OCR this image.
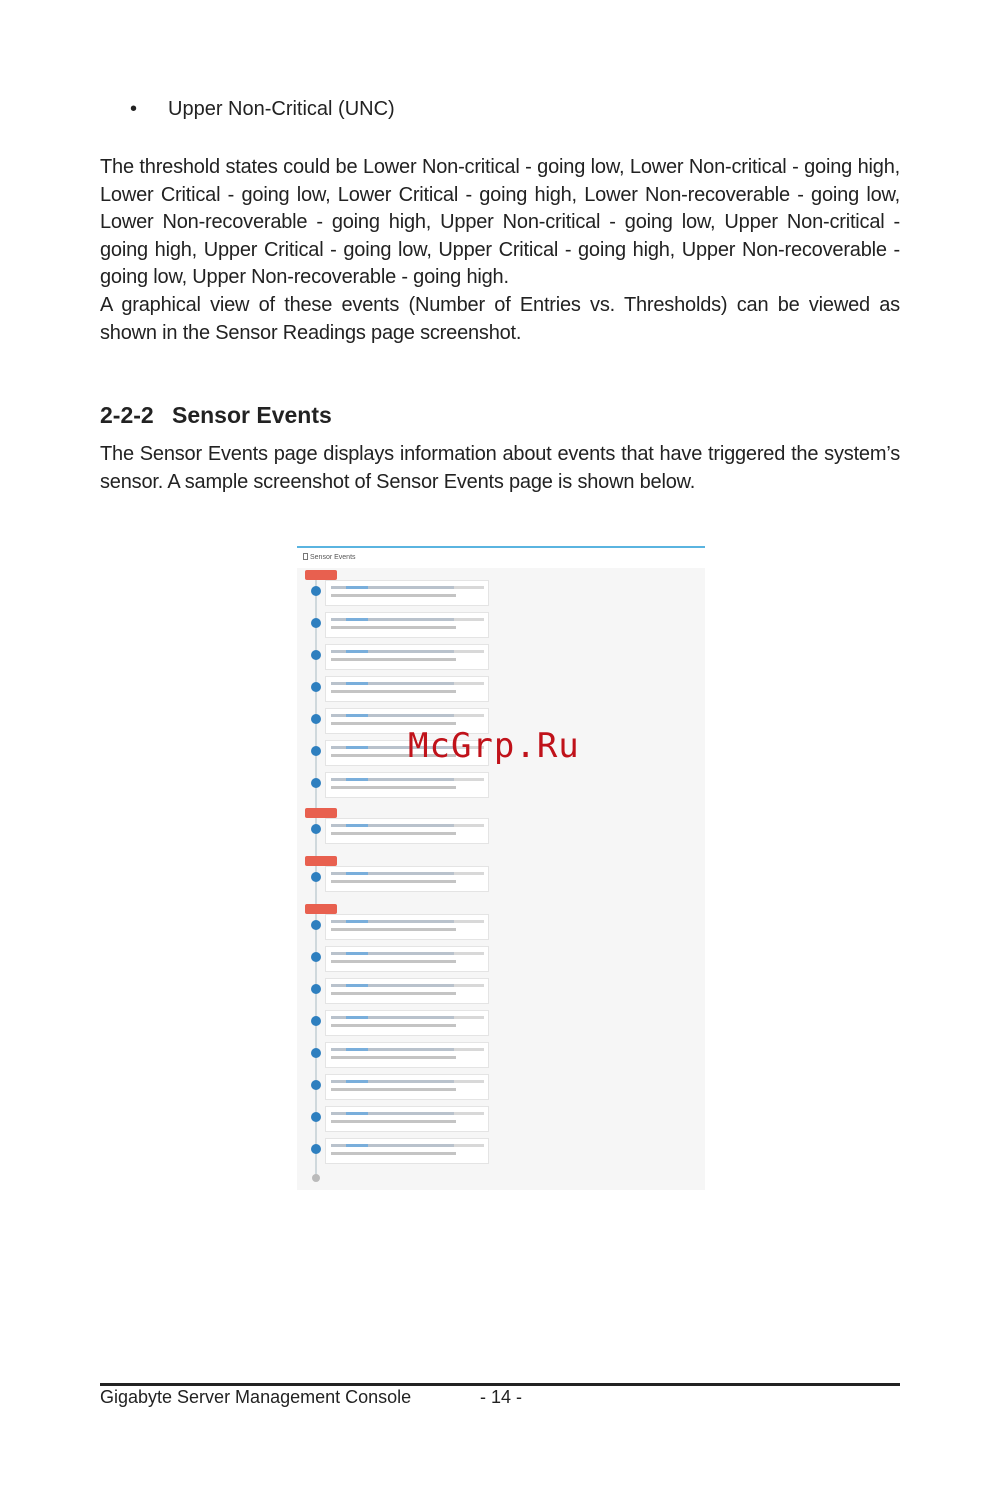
• Upper Non-Critical (UNC)
The threshold states could be Lower Non-critical - going low, Lower Non-critical - going high, Lower Critical - going low, Lower Critical - going high, Lower Non-recoverable - going low, Lower Non-recoverable - going high, Upper Non-critical - going low, Upper Non-critical - going high, Upper Critical - going low, Upper Critical - going high, Upper Non-recoverable - going low, Upper Non-recoverable - going high.
A graphical view of these events (Number of Entries vs. Thresholds) can be viewed as shown in the Sensor Readings page screenshot.
2-2-2 Sensor Events
The Sensor Events page displays information about events that have triggered the system’s sensor. A sample screenshot of Sensor Events page is shown below.
Sensor Events
McGrp.Ru
Gigabyte Server Management Console	- 14 -
